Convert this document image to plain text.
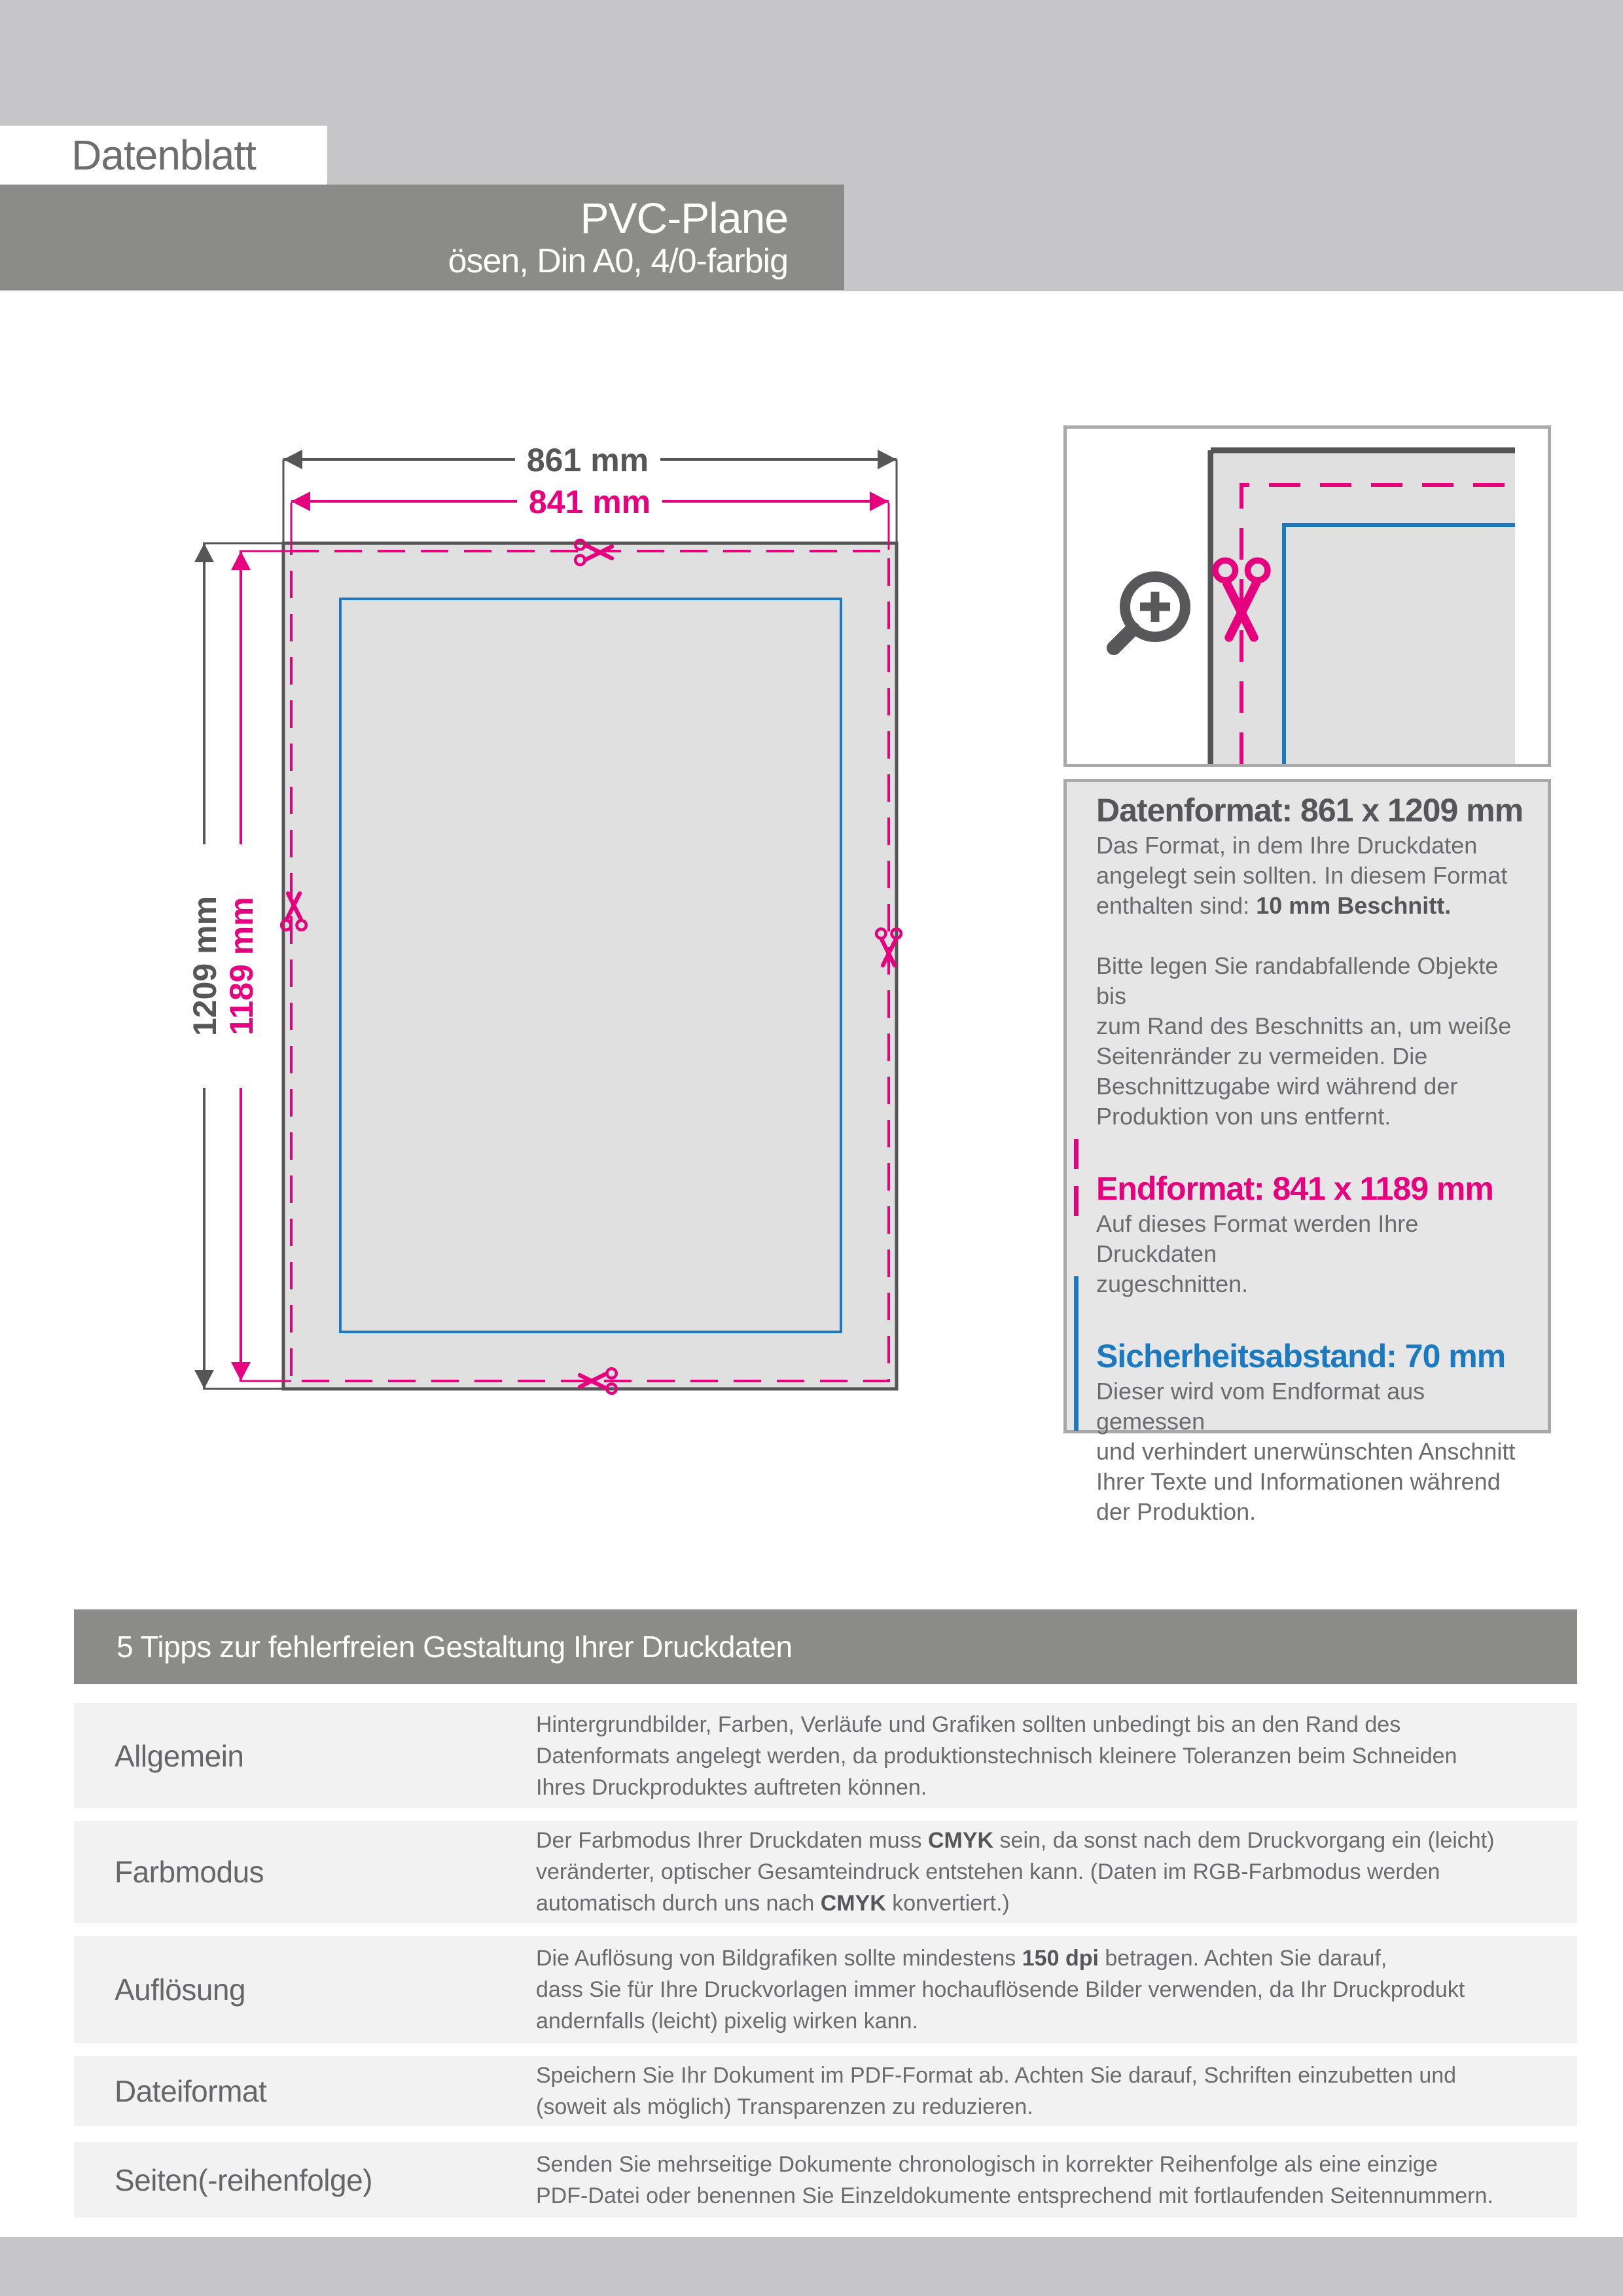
Datenblatt
PVC-Plane
ösen, Din A0, 4/0-farbig
861 mm
841 mm
1209 mm 1189 mm
Datenformat: 861 x 1209 mm

Das Format, in dem Ihre Druckdaten
angelegt sein sollten. In diesem Format
enthalten sind: 10 mm Beschnitt.

Bitte legen Sie randabfallende Objekte bis
zum Rand des Beschnitts an, um weiße
Seitenränder zu vermeiden. Die
Beschnittzugabe wird während der
Produktion von uns entfernt.

Endformat: 841 x 1189 mm

Auf dieses Format werden Ihre Druckdaten
zugeschnitten.

Sicherheitsabstand: 70 mm

Dieser wird vom Endformat aus gemessen
und verhindert unerwünschten Anschnitt
Ihrer Texte und Informationen während
der Produktion.

5 Tipps zur fehlerfreien Gestaltung Ihrer Druckdaten
Allgemein
Hintergrundbilder, Farben, Verläufe und Grafiken sollten unbedingt bis an den Rand des
Datenformats angelegt werden, da produktionstechnisch kleinere Toleranzen beim Schneiden
Ihres Druckproduktes auftreten können.
Farbmodus
Der Farbmodus Ihrer Druckdaten muss CMYK sein, da sonst nach dem Druckvorgang ein (leicht)
veränderter, optischer Gesamteindruck entstehen kann. (Daten im RGB-Farbmodus werden
automatisch durch uns nach CMYK konvertiert.)
Auflösung
Die Auflösung von Bildgrafiken sollte mindestens 150 dpi betragen. Achten Sie darauf,
dass Sie für Ihre Druckvorlagen immer hochauflösende Bilder verwenden, da Ihr Druckprodukt
andernfalls (leicht) pixelig wirken kann.
Dateiformat	Speichern Sie Ihr Dokument im PDF-Format ab. Achten Sie darauf, Schriften einzubetten und
(soweit als möglich) Transparenzen zu reduzieren.
Seiten(-reihenfolge)	Senden Sie mehrseitige Dokumente chronologisch in korrekter Reihenfolge als eine einzige
PDF-Datei oder benennen Sie Einzeldokumente entsprechend mit fortlaufenden Seitennummern.
